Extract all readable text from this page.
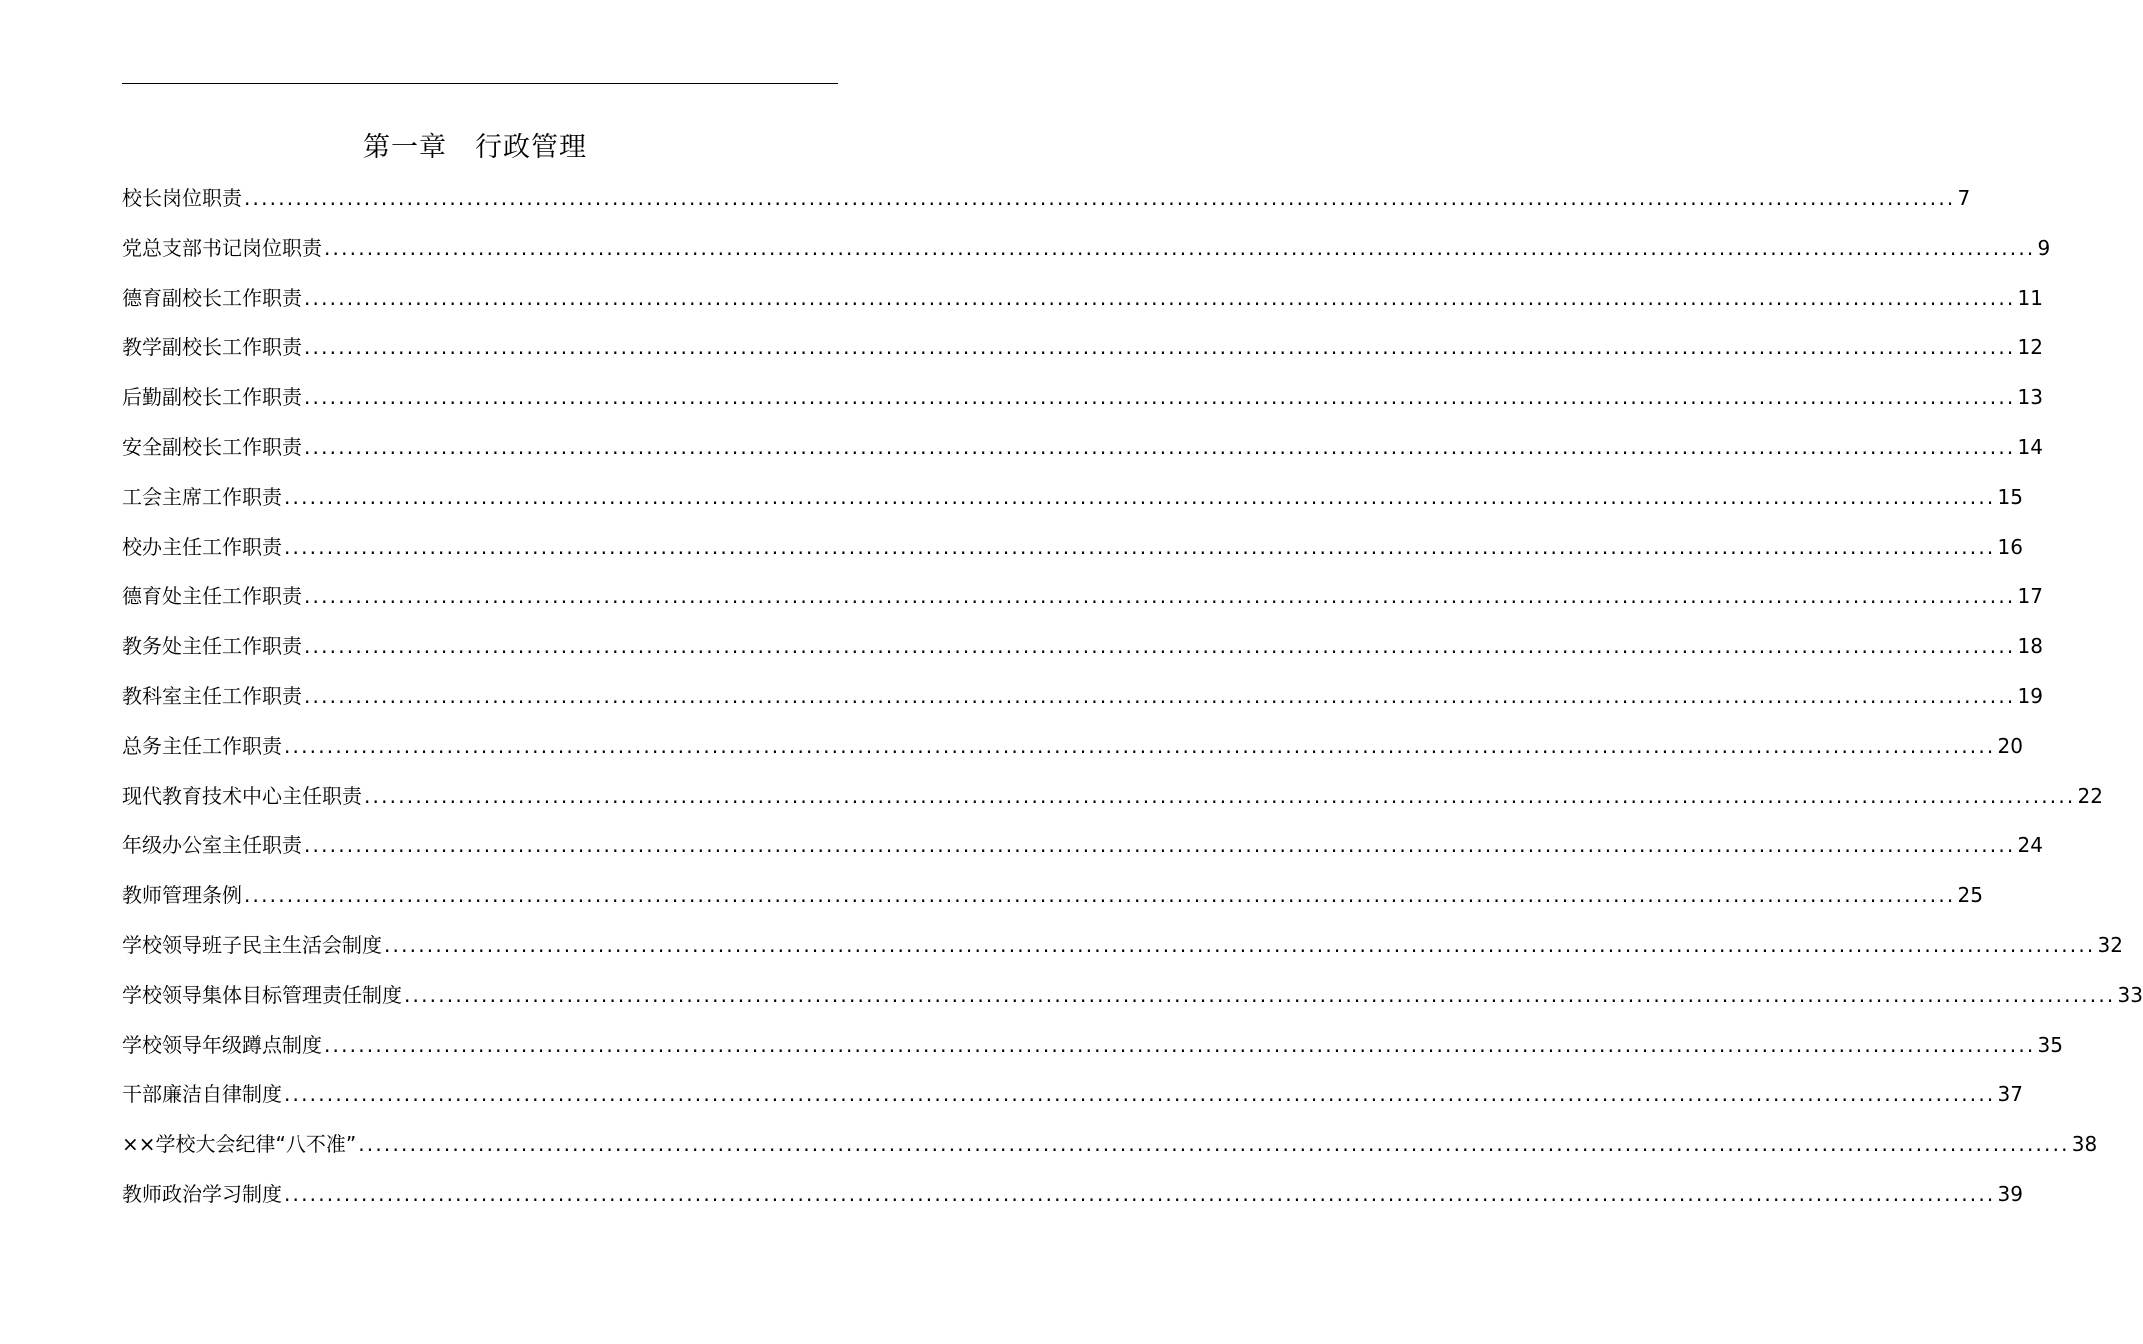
第一章　行政管理
校长岗位职责 ........................................................................................................................................................................................................ 7
党总支部书记岗位职责 ........................................................................................................................................................................................................ 9
德育副校长工作职责 ........................................................................................................................................................................................................ 11
教学副校长工作职责 ........................................................................................................................................................................................................ 12
后勤副校长工作职责 ........................................................................................................................................................................................................ 13
安全副校长工作职责 ........................................................................................................................................................................................................ 14
工会主席工作职责 ........................................................................................................................................................................................................ 15
校办主任工作职责 ........................................................................................................................................................................................................ 16
德育处主任工作职责 ........................................................................................................................................................................................................ 17
教务处主任工作职责 ........................................................................................................................................................................................................ 18
教科室主任工作职责 ........................................................................................................................................................................................................ 19
总务主任工作职责 ........................................................................................................................................................................................................ 20
现代教育技术中心主任职责 ........................................................................................................................................................................................................ 22
年级办公室主任职责 ........................................................................................................................................................................................................ 24
教师管理条例 ........................................................................................................................................................................................................ 25
学校领导班子民主生活会制度 ........................................................................................................................................................................................................ 32
学校领导集体目标管理责任制度 ........................................................................................................................................................................................................ 33
学校领导年级蹲点制度 ........................................................................................................................................................................................................ 35
干部廉洁自律制度 ........................................................................................................................................................................................................ 37
××学校大会纪律“八不准” ........................................................................................................................................................................................................ 38
教师政治学习制度 ........................................................................................................................................................................................................ 39
